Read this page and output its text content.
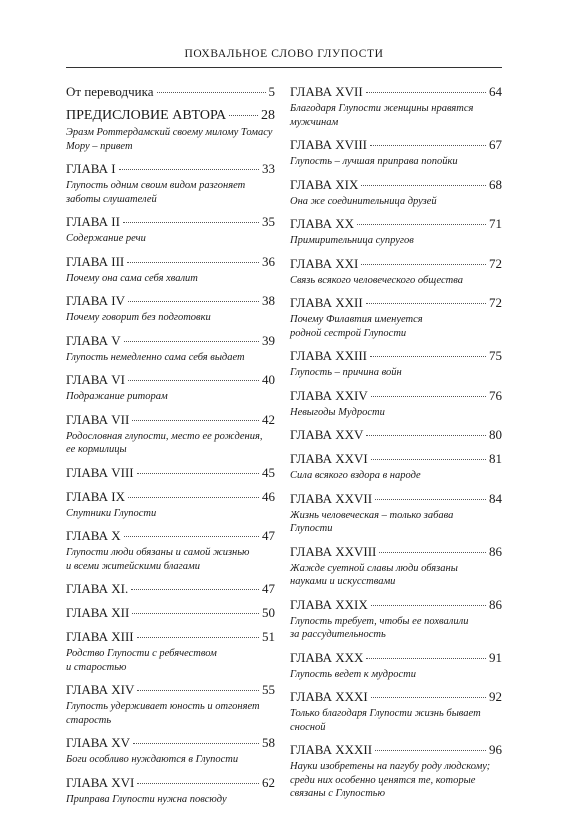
ПОХВАЛЬНОЕ СЛОВО ГЛУПОСТИ
От переводчика	5
ПРЕДИСЛОВИЕ АВТОРА 28
Эразм Роттердамский своему милому Томасу
Мору – привет
ГЛАВА I	33
Глупость одним своим видом разгоняет
заботы слушателей
ГЛАВА II	35
Содержание речи
ГЛАВА III	36
Почему она сама себя хвалит
ГЛАВА IV	38
Почему говорит без подготовки
ГЛАВА V	39
Глупость немедленно сама себя выдает
ГЛАВА VI	40
Подражание риторам
ГЛАВА VII	42
Родословная глупости, место ее рождения,
ее кормилицы
ГЛАВА VIII	45
ГЛАВА IX	46
Спутники Глупости
ГЛАВА X	47
Глупости люди обязаны и самой жизнью
и всеми житейскими благами
ГЛАВА XI.	47
ГЛАВА XII	50
ГЛАВА XIII	51
Родство Глупости с ребячеством
и старостью
ГЛАВА XIV	55
Глупость удерживает юность и отгоняет
старость
ГЛАВА XV	58
Боги особливо нуждаются в Глупости
ГЛАВА XVI	62
Приправа Глупости нужна повсюду
ГЛАВА XVII	64
Благодаря Глупости женщины нравятся
мужчинам
ГЛАВА XVIII	67
Глупость – лучшая приправа попойки
ГЛАВА XIX	68
Она же соединительница друзей
ГЛАВА XX	71
Примирительница супругов
ГЛАВА XXI	72
Связь всякого человеческого общества
ГЛАВА XXII	72
Почему Филавтия именуется
родной сестрой Глупости
ГЛАВА XXIII	75
Глупость – причина войн
ГЛАВА XXIV	76
Невыгоды Мудрости
ГЛАВА XXV	80
ГЛАВА XXVI	81
Сила всякого вздора в народе
ГЛАВА XXVII	84
Жизнь человеческая – только забава
Глупости
ГЛАВА XXVIII	86
Жажде суетной славы люди обязаны
науками и искусствами
ГЛАВА XXIX	86
Глупость требует, чтобы ее похвалили
за рассудительность
ГЛАВА XXX	91
Глупость ведет к мудрости
ГЛАВА XXXI	92
Только благодаря Глупости жизнь бывает
сносной
ГЛАВА XXXII	96
Науки изобретены на пагубу роду людскому;
среди них особенно ценятся те, которые
связаны с Глупостью
